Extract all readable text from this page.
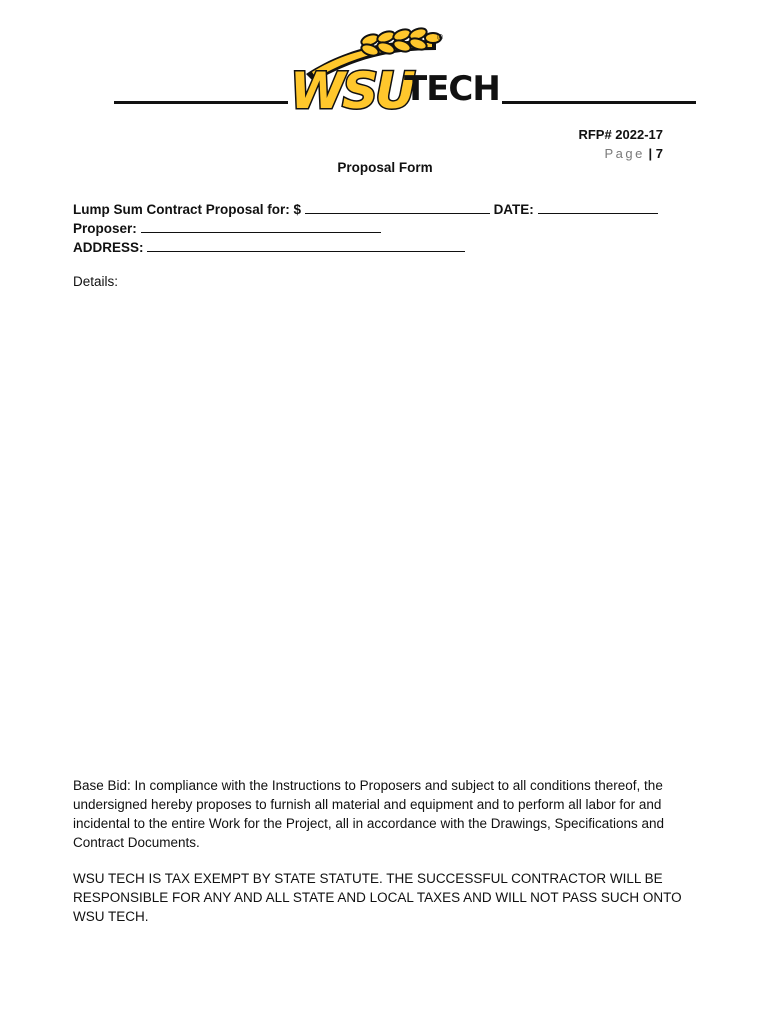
WSU
TECH
®
RFP# 2022-17
Page | 7
Proposal Form
Lump Sum Contract Proposal for: $	DATE:
Proposer:
ADDRESS:
Details:
Base Bid: In compliance with the Instructions to Proposers and subject to all conditions thereof, the undersigned hereby proposes to furnish all material and equipment and to perform all labor for and incidental to the entire Work for the Project, all in accordance with the Drawings, Specifications and Contract Documents.
WSU TECH IS TAX EXEMPT BY STATE STATUTE. THE SUCCESSFUL CONTRACTOR WILL BE RESPONSIBLE FOR ANY AND ALL STATE AND LOCAL TAXES AND WILL NOT PASS SUCH ONTO WSU TECH.
